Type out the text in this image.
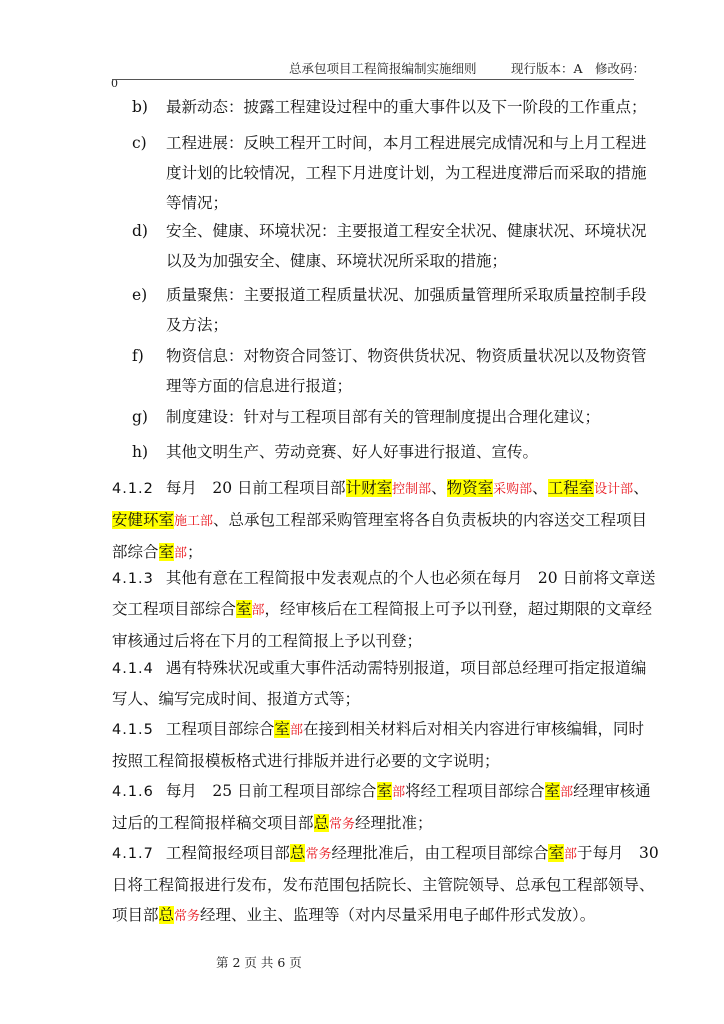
总承包项目工程简报编制实施细则	现行版本：A　修改码：
0
b)	最新动态：披露工程建设过程中的重大事件以及下一阶段的工作重点；
c)	工程进展：反映工程开工时间，本月工程进展完成情况和与上月工程进
度计划的比较情况，工程下月进度计划，为工程进度滞后而采取的措施
等情况；
d)	安全、健康、环境状况：主要报道工程安全状况、健康状况、环境状况
以及为加强安全、健康、环境状况所采取的措施；
e)	质量聚焦：主要报道工程质量状况、加强质量管理所采取质量控制手段
及方法；
f)	物资信息：对物资合同签订、物资供货状况、物资质量状况以及物资管
理等方面的信息进行报道；
g)	制度建设：针对与工程项目部有关的管理制度提出合理化建议；
h)	其他文明生产、劳动竞赛、好人好事进行报道、宣传。
4.1.2 每月　20 日前工程项目部计财室控制部、物资室采购部、工程室设计部、
安健环室施工部、总承包工程部采购管理室将各自负责板块的内容送交工程项目
部综合室部；
4.1.3 其他有意在工程简报中发表观点的个人也必须在每月　20 日前将文章送
交工程项目部综合室部，经审核后在工程简报上可予以刊登，超过期限的文章经
审核通过后将在下月的工程简报上予以刊登；
4.1.4 遇有特殊状况或重大事件活动需特别报道，项目部总经理可指定报道编
写人、编写完成时间、报道方式等；
4.1.5 工程项目部综合室部在接到相关材料后对相关内容进行审核编辑，同时
按照工程简报模板格式进行排版并进行必要的文字说明；
4.1.6 每月　25 日前工程项目部综合室部将经工程项目部综合室部经理审核通
过后的工程简报样稿交项目部总常务经理批准；
4.1.7 工程简报经项目部总常务经理批准后，由工程项目部综合室部于每月　30
日将工程简报进行发布，发布范围包括院长、主管院领导、总承包工程部领导、
项目部总常务经理、业主、监理等（对内尽量采用电子邮件形式发放）。
第 2 页 共 6 页
